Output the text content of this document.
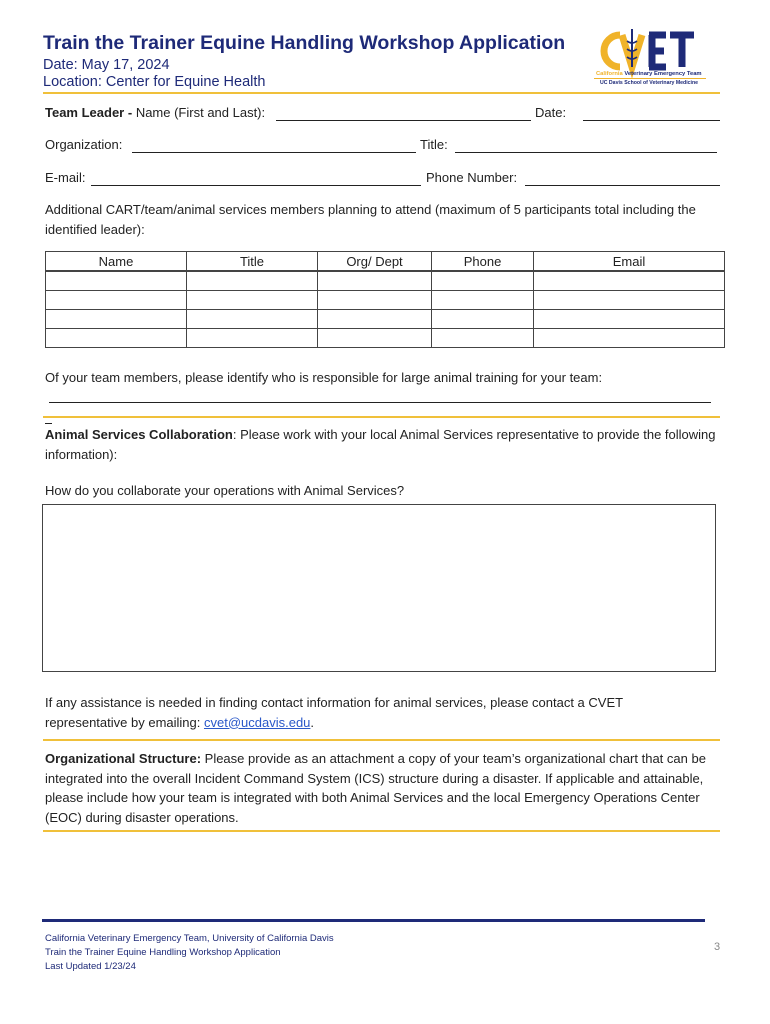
Train the Trainer Equine Handling Workshop Application
Date: May 17, 2024
Location: Center for Equine Health	California Veterinary Emergency Team
UC Davis School of Veterinary Medicine
Team Leader - Name (First and Last):	Date:
Organization:	Title:
E-mail:	Phone Number:
Additional CART/team/animal services members planning to attend (maximum of 5 participants total including the identified leader):
Name	Title	Org/ Dept	Phone	Email

Of your team members, please identify who is responsible for large animal training for your team:
Animal Services Collaboration: Please work with your local Animal Services representative to provide the following information):
How do you collaborate your operations with Animal Services?
If any assistance is needed in finding contact information for animal services, please contact a CVET representative by emailing: cvet@ucdavis.edu.
Organizational Structure: Please provide as an attachment a copy of your team’s organizational chart that can be integrated into the overall Incident Command System (ICS) structure during a disaster. If applicable and attainable, please include how your team is integrated with both Animal Services and the local Emergency Operations Center (EOC) during disaster operations.
California Veterinary Emergency Team, University of California Davis
Train the Trainer Equine Handling Workshop Application
Last Updated 1/23/24
3
